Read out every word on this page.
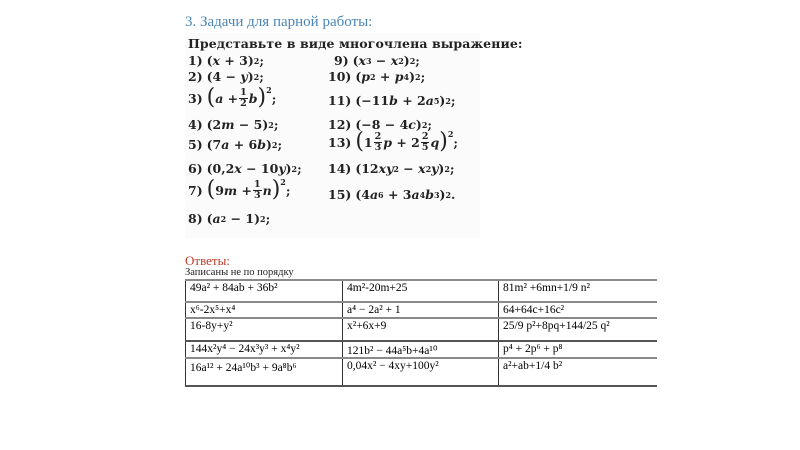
3. Задачи для парной работы:
Представьте в виде многочлена выражение:
1) ( x + 3) 2 ;
2) (4 − y ) 2 ;
3) ( $a + \frac{1}{2}$ b ) 2
;
4) (2 m − 5) 2 ;
5) (7 a + 6 b ) 2 ;
6) (0,2 x − 10 y ) 2 ;
7) ( 9 $m + \frac{1}{3}$ n ) 2
;
8) ( a 2 − 1) 2 ;
9) ( x 3 − x 2 ) 2 ;
10) ( p 2 + p 4 ) 2 ;
11) (−11 b + 2 a 5 ) 2 ;
12) (−8 − 4 c ) 2 ;
13) ( $1 \frac{2}{3}$ $p + 2 \frac{2}{5}$ q ) 2
;
14) (12 xy 2 − x 2 y ) 2 ;
15) (4 a 6 + 3 a 4 b 3 ) 2 .
Ответы:
Записаны не по порядку
49a² + 84ab + 36b²	4m²-20m+25	81m² +6mn+1/9 n²
x⁶-2x⁵+x⁴	a⁴ − 2a² + 1	64+64c+16c²
16-8y+y²	x²+6x+9	25/9 p²+8pq+144/25 q²
144x²y⁴ − 24x³y³ + x⁴y²	121b² − 44a⁵b+4a¹⁰	p⁴ + 2p⁶ + p⁸
16a¹² + 24a¹⁰b³ + 9a⁸b⁶	0,04x² − 4xy+100y²	a²+ab+1/4 b²
